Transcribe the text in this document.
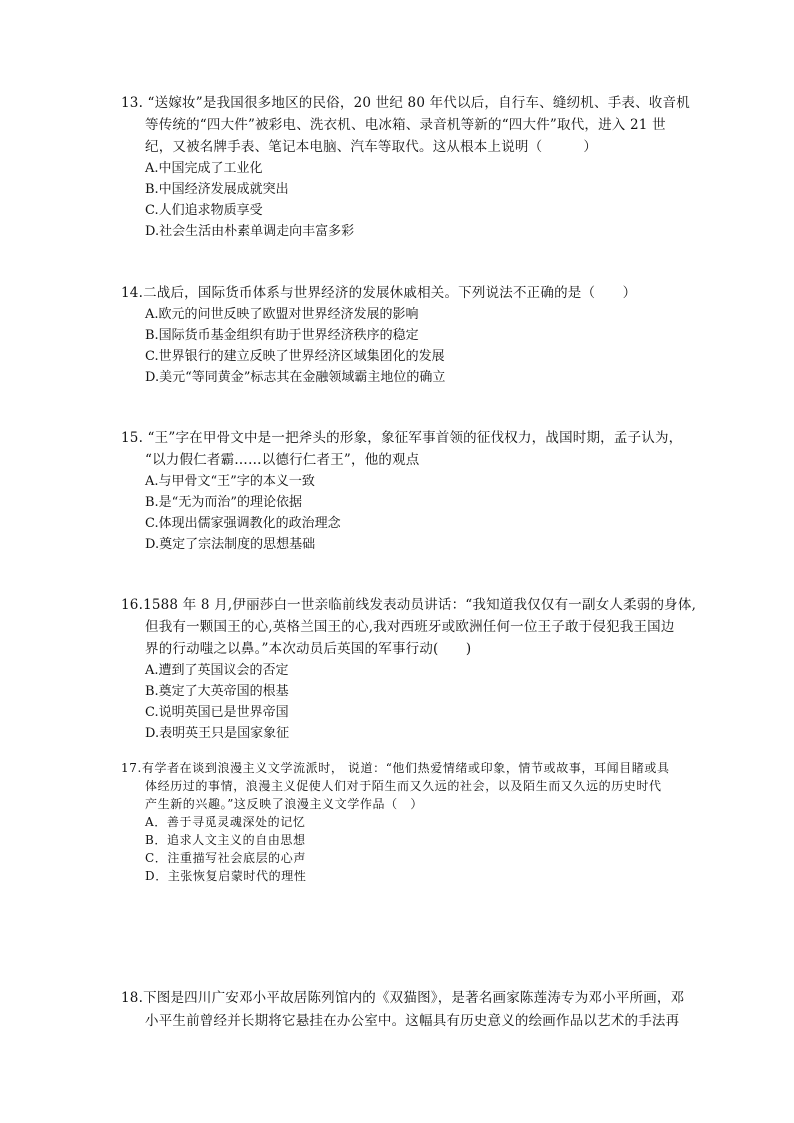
13. “送嫁妆”是我国很多地区的民俗，20 世纪 80 年代以后，自行车、缝纫机、手表、收音机
等传统的“四大件”被彩电、洗衣机、电冰箱、录音机等新的“四大件”取代，进入 21 世
纪，又被名牌手表、笔记本电脑、汽车等取代。这从根本上说明（　　　）
A.中国完成了工业化
B.中国经济发展成就突出
C.人们追求物质享受
D.社会生活由朴素单调走向丰富多彩
14.二战后，国际货币体系与世界经济的发展休戚相关。下列说法不正确的是（　　）
A.欧元的问世反映了欧盟对世界经济发展的影响
B.国际货币基金组织有助于世界经济秩序的稳定
C.世界银行的建立反映了世界经济区域集团化的发展
D.美元“等同黄金”标志其在金融领域霸主地位的确立
15. “王”字在甲骨文中是一把斧头的形象，象征军事首领的征伐权力，战国时期，孟子认为，
“以力假仁者霸……以德行仁者王”，他的观点
A.与甲骨文“王”字的本义一致
B.是“无为而治”的理论依据
C.体现出儒家强调教化的政治理念
D.奠定了宗法制度的思想基础
16.1588 年 8 月,伊丽莎白一世亲临前线发表动员讲话：“我知道我仅仅有一副女人柔弱的身体,
但我有一颗国王的心,英格兰国王的心,我对西班牙或欧洲任何一位王子敢于侵犯我王国边
界的行动嗤之以鼻。”本次动员后英国的军事行动(　　)
A.遭到了英国议会的否定
B.奠定了大英帝国的根基
C.说明英国已是世界帝国
D.表明英王只是国家象征
17.有学者在谈到浪漫主义文学流派时， 说道：“他们热爱情绪或印象，情节或故事，耳闻目睹或具
体经历过的事情，浪漫主义促使人们对于陌生而又久远的社会，以及陌生而又久远的历史时代
产生新的兴趣。”这反映了浪漫主义文学作品（　）
A．善于寻觅灵魂深处的记忆
B．追求人文主义的自由思想
C．注重描写社会底层的心声
D．主张恢复启蒙时代的理性
18.下图是四川广安邓小平故居陈列馆内的《双猫图》，是著名画家陈莲涛专为邓小平所画，邓
小平生前曾经并长期将它悬挂在办公室中。这幅具有历史意义的绘画作品以艺术的手法再
